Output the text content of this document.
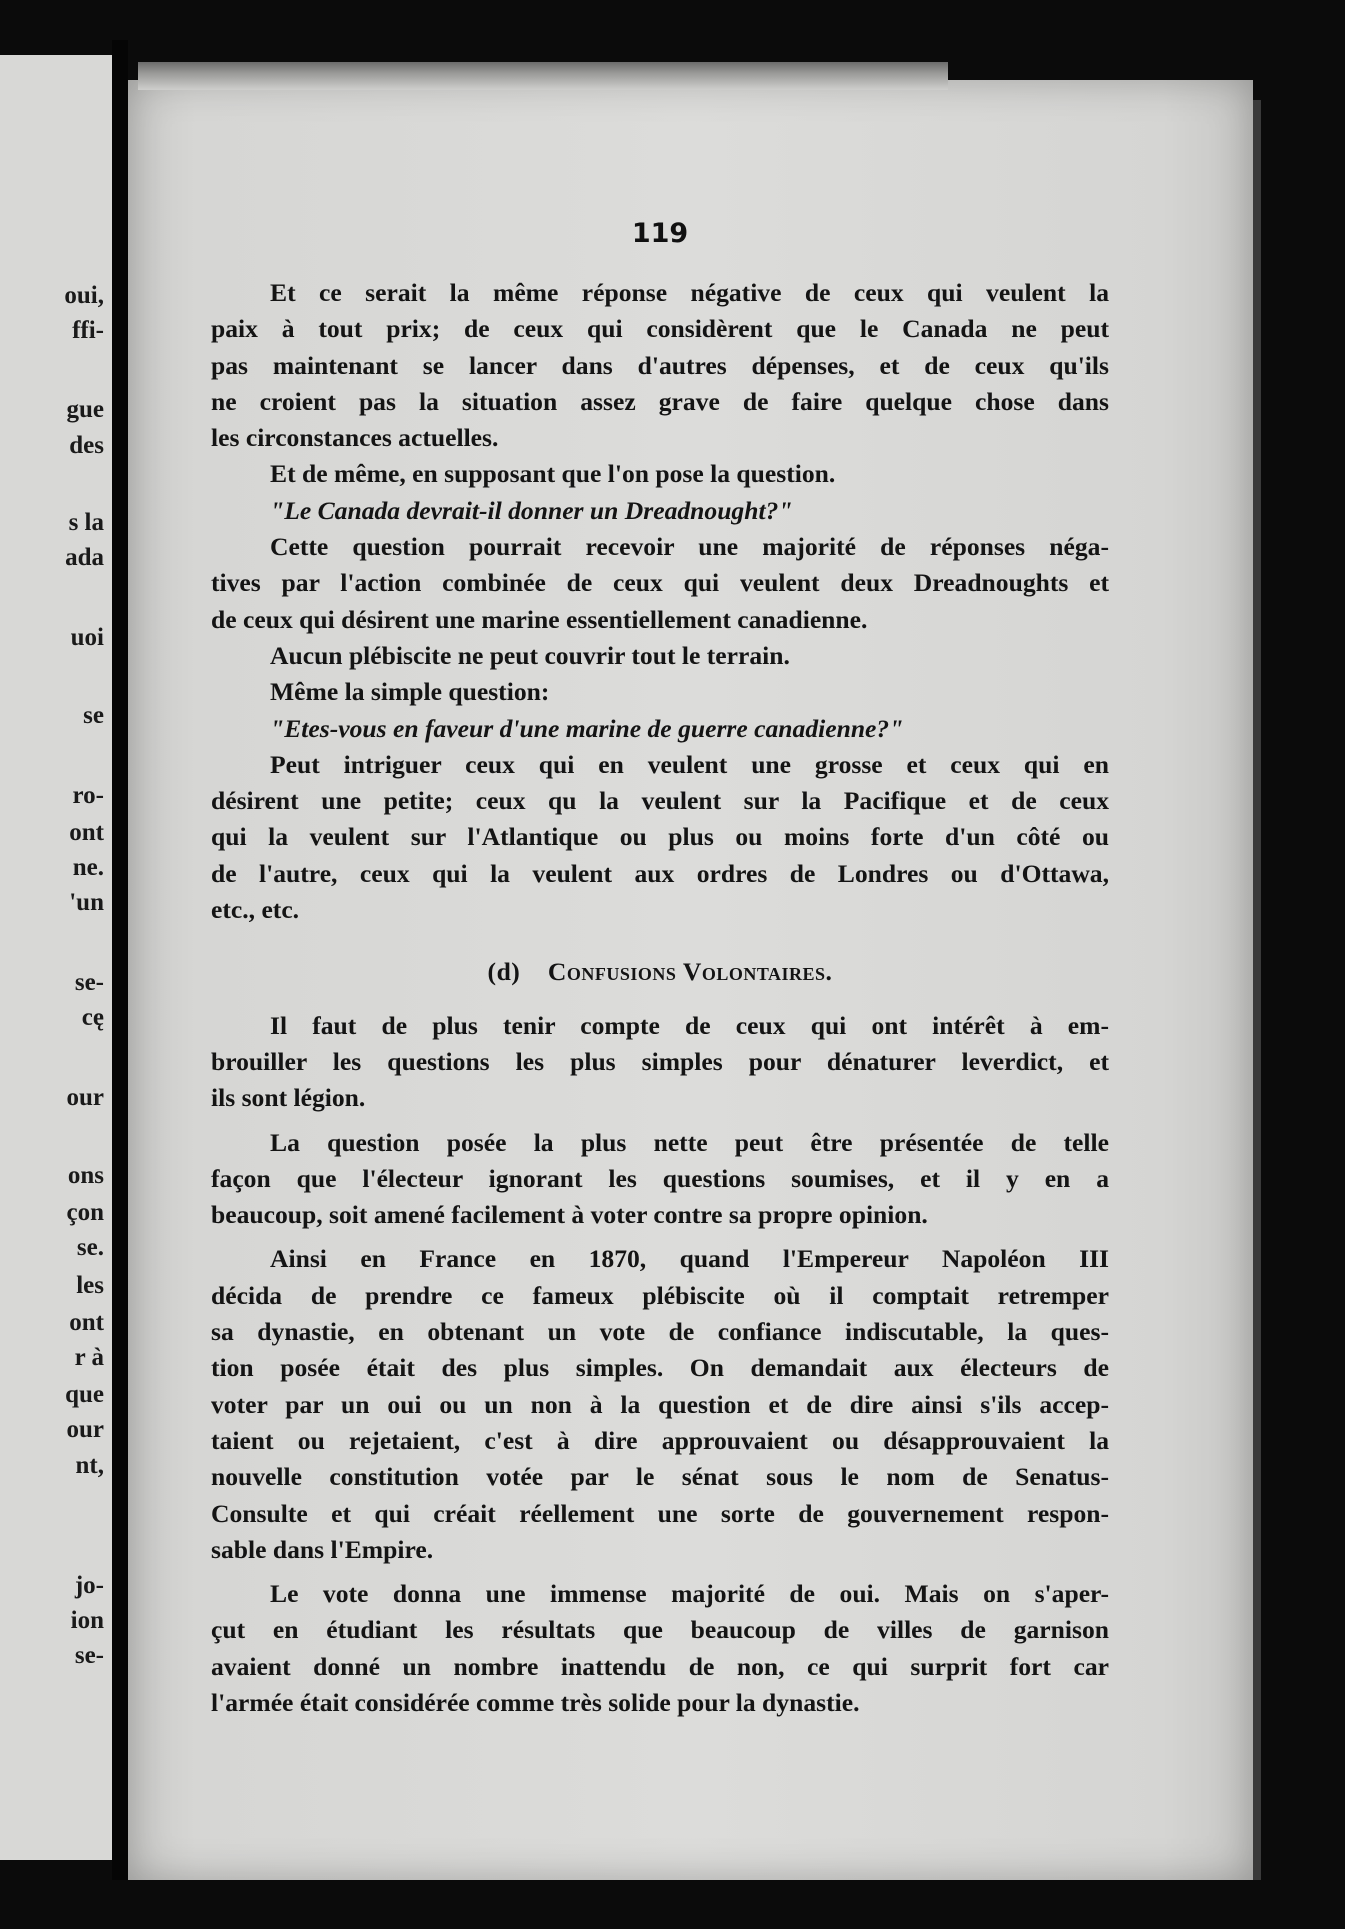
oui,
ffi-
gue
des
s la
ada
uoi
se
ro-
ont
ne.
'un
se-
cę
our
ons
çon
se.
les
ont
r à
que
our
nt,
jo-
ion
se-
119

Et ce serait la même réponse négative de ceux qui veulent la
paix à tout prix; de ceux qui considèrent que le Canada ne peut
pas maintenant se lancer dans d'autres dépenses, et de ceux qu'ils
ne croient pas la situation assez grave de faire quelque chose dans
les circonstances actuelles.

Et de même, en supposant que l'on pose la question.

"Le Canada devrait-il donner un Dreadnought?"

Cette question pourrait recevoir une majorité de réponses néga-
tives par l'action combinée de ceux qui veulent deux Dreadnoughts et
de ceux qui désirent une marine essentiellement canadienne.

Aucun plébiscite ne peut couvrir tout le terrain.

Même la simple question:

"Etes-vous en faveur d'une marine de guerre canadienne?"

Peut intriguer ceux qui en veulent une grosse et ceux qui en
désirent une petite; ceux qu la veulent sur la Pacifique et de ceux
qui la veulent sur l'Atlantique ou plus ou moins forte d'un côté ou
de l'autre, ceux qui la veulent aux ordres de Londres ou d'Ottawa,
etc., etc.

(d) Confusions Volontaires.

Il faut de plus tenir compte de ceux qui ont intérêt à em-
brouiller les questions les plus simples pour dénaturer leverdict, et
ils sont légion.

La question posée la plus nette peut être présentée de telle
façon que l'électeur ignorant les questions soumises, et il y en a
beaucoup, soit amené facilement à voter contre sa propre opinion.

Ainsi en France en 1870, quand l'Empereur Napoléon III
décida de prendre ce fameux plébiscite où il comptait retremper
sa dynastie, en obtenant un vote de confiance indiscutable, la ques-
tion posée était des plus simples. On demandait aux électeurs de
voter par un oui ou un non à la question et de dire ainsi s'ils accep-
taient ou rejetaient, c'est à dire approuvaient ou désapprouvaient la
nouvelle constitution votée par le sénat sous le nom de Senatus-
Consulte et qui créait réellement une sorte de gouvernement respon-
sable dans l'Empire.

Le vote donna une immense majorité de oui. Mais on s'aper-
çut en étudiant les résultats que beaucoup de villes de garnison
avaient donné un nombre inattendu de non, ce qui surprit fort car
l'armée était considérée comme très solide pour la dynastie.
